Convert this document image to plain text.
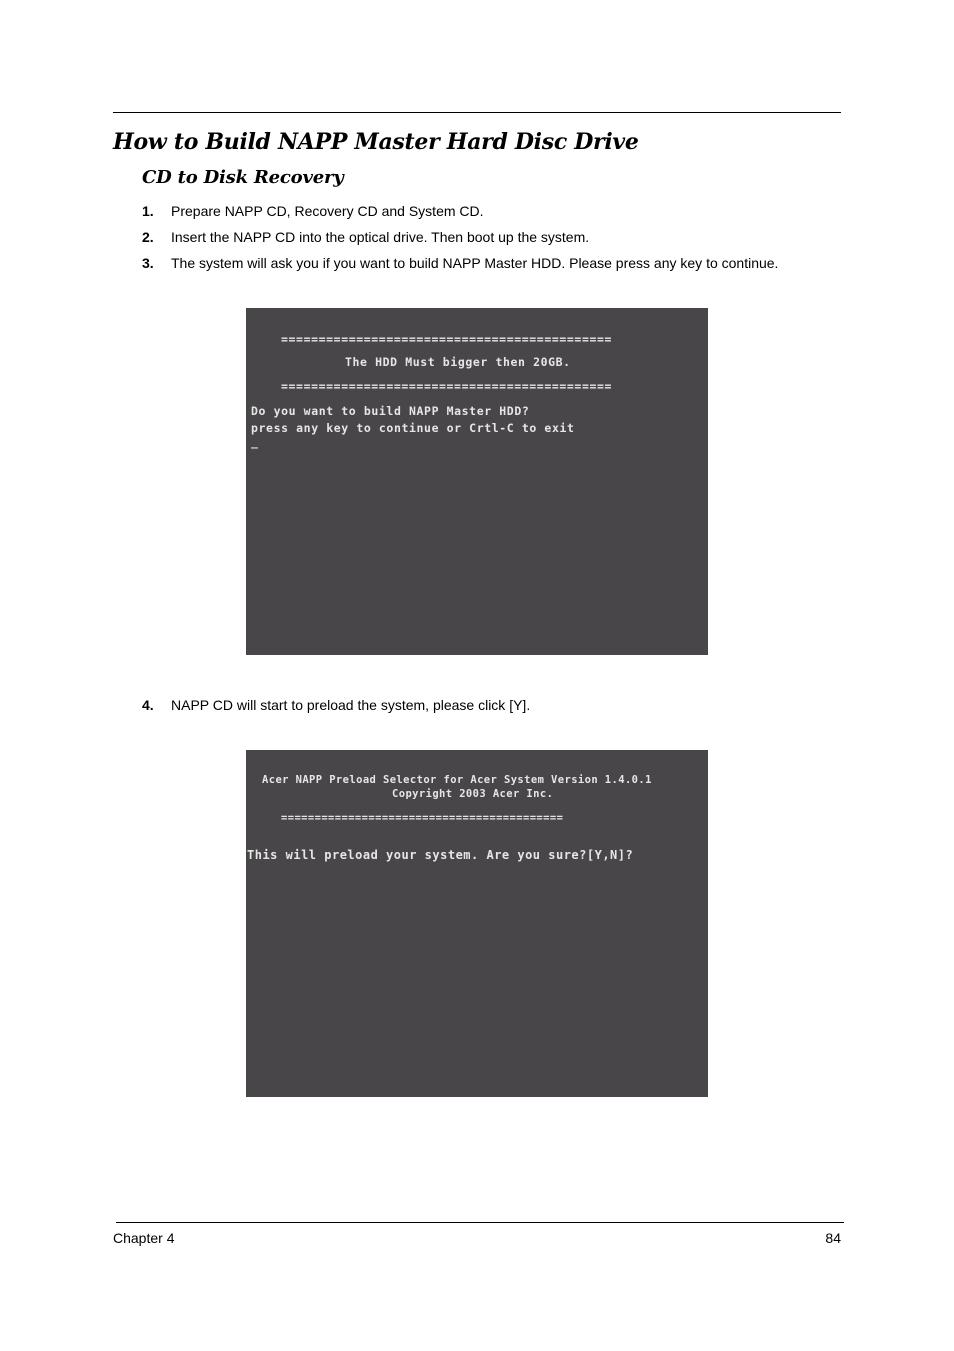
How to Build NAPP Master Hard Disc Drive
CD to Disk Recovery
1. Prepare NAPP CD, Recovery CD and System CD.
2. Insert the NAPP CD into the optical drive. Then boot up the system.
3. The system will ask you if you want to build NAPP Master HDD. Please press any key to continue.
============================================
The HDD Must bigger then 20GB.
============================================
Do you want to build NAPP Master HDD?
press any key to continue or Crtl-C to exit
_
4. NAPP CD will start to preload the system, please click [Y].
Acer NAPP Preload Selector for Acer System Version 1.4.0.1
Copyright 2003 Acer Inc.
==========================================
This will preload your system. Are you sure?[Y,N]?
Chapter 4	84
